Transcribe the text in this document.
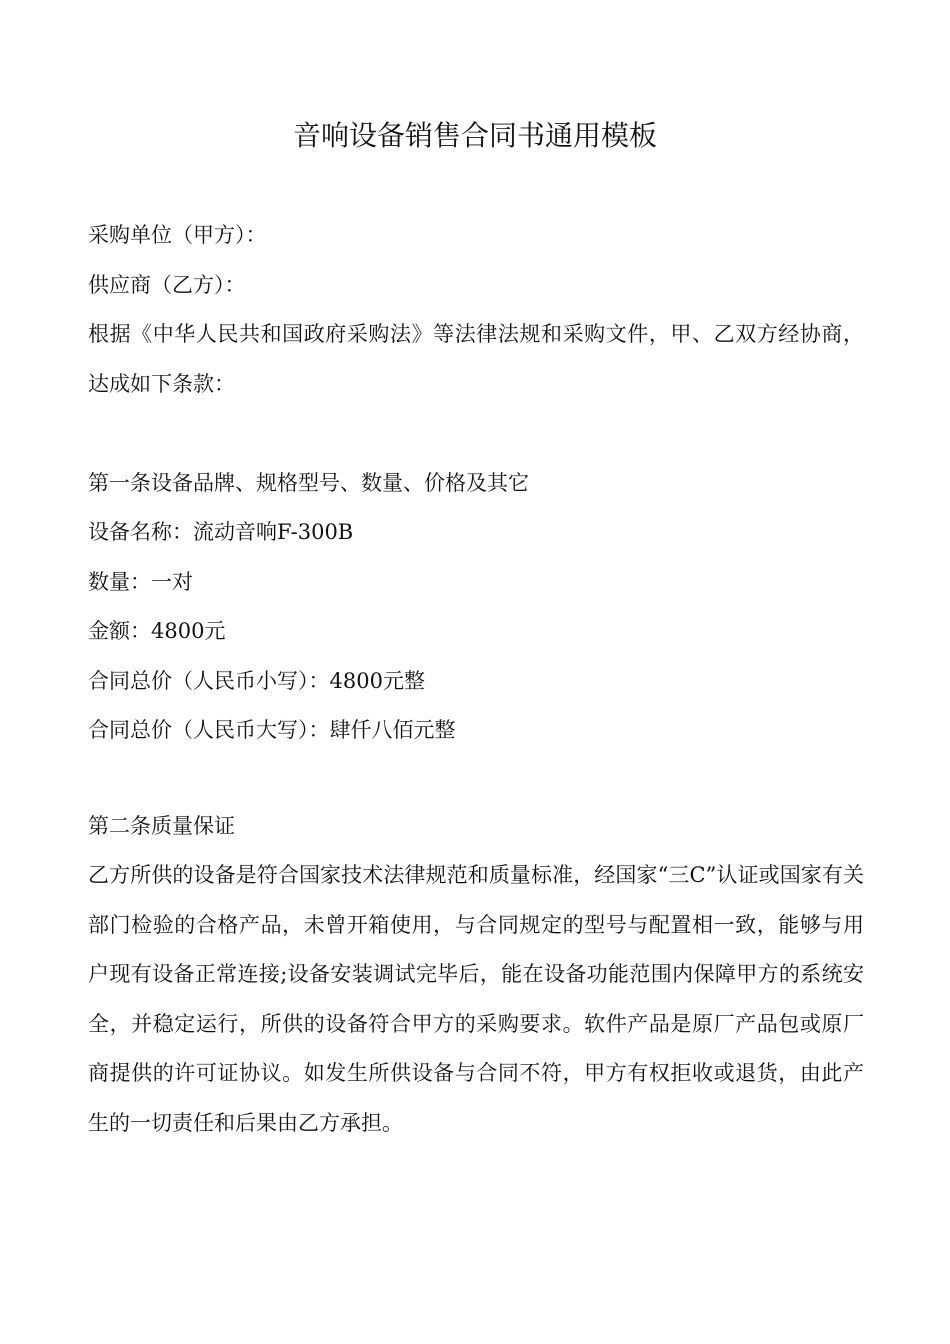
音响设备销售合同书通用模板
采购单位（甲方）：
供应商（乙方）：
根据《中华人民共和国政府采购法》等法律法规和采购文件，甲、乙双方经协商，达成如下条款：
第一条设备品牌、规格型号、数量、价格及其它
设备名称：流动音响F-300B
数量：一对
金额：4800元
合同总价（人民币小写）：4800元整
合同总价（人民币大写）：肆仟八佰元整
第二条质量保证
乙方所供的设备是符合国家技术法律规范和质量标准，经国家“三C”认证或国家有关部门检验的合格产品，未曾开箱使用，与合同规定的型号与配置相一致，能够与用户现有设备正常连接;设备安装调试完毕后，能在设备功能范围内保障甲方的系统安全，并稳定运行，所供的设备符合甲方的采购要求。软件产品是原厂产品包或原厂商提供的许可证协议。如发生所供设备与合同不符，甲方有权拒收或退货，由此产生的一切责任和后果由乙方承担。
